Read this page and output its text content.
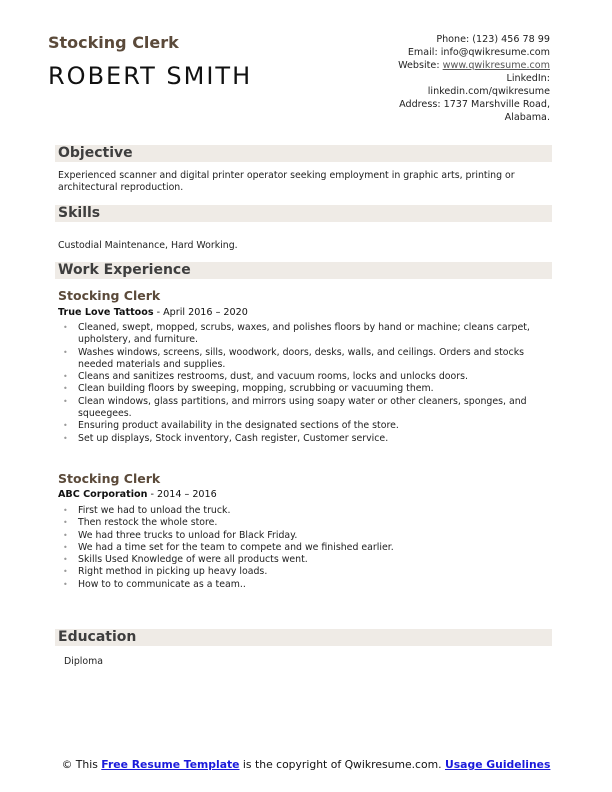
Stocking Clerk
ROBERT SMITH
Phone: (123) 456 78 99
Email: info@qwikresume.com
Website: www.qwikresume.com
LinkedIn:
linkedin.com/qwikresume
Address: 1737 Marshville Road,
Alabama.
Objective
Experienced scanner and digital printer operator seeking employment in graphic arts, printing or architectural reproduction.
Skills
Custodial Maintenance, Hard Working.
Work Experience
Stocking Clerk
True Love Tattoos - April 2016 – 2020
• Cleaned, swept, mopped, scrubs, waxes, and polishes floors by hand or machine; cleans carpet, upholstery, and furniture.
• Washes windows, screens, sills, woodwork, doors, desks, walls, and ceilings. Orders and stocks needed materials and supplies.
• Cleans and sanitizes restrooms, dust, and vacuum rooms, locks and unlocks doors.
• Clean building floors by sweeping, mopping, scrubbing or vacuuming them.
• Clean windows, glass partitions, and mirrors using soapy water or other cleaners, sponges, and squeegees.
• Ensuring product availability in the designated sections of the store.
• Set up displays, Stock inventory, Cash register, Customer service.
Stocking Clerk
ABC Corporation - 2014 – 2016
• First we had to unload the truck.
• Then restock the whole store.
• We had three trucks to unload for Black Friday.
• We had a time set for the team to compete and we finished earlier.
• Skills Used Knowledge of were all products went.
• Right method in picking up heavy loads.
• How to to communicate as a team..
Education
Diploma
© This Free Resume Template is the copyright of Qwikresume.com. Usage Guidelines
